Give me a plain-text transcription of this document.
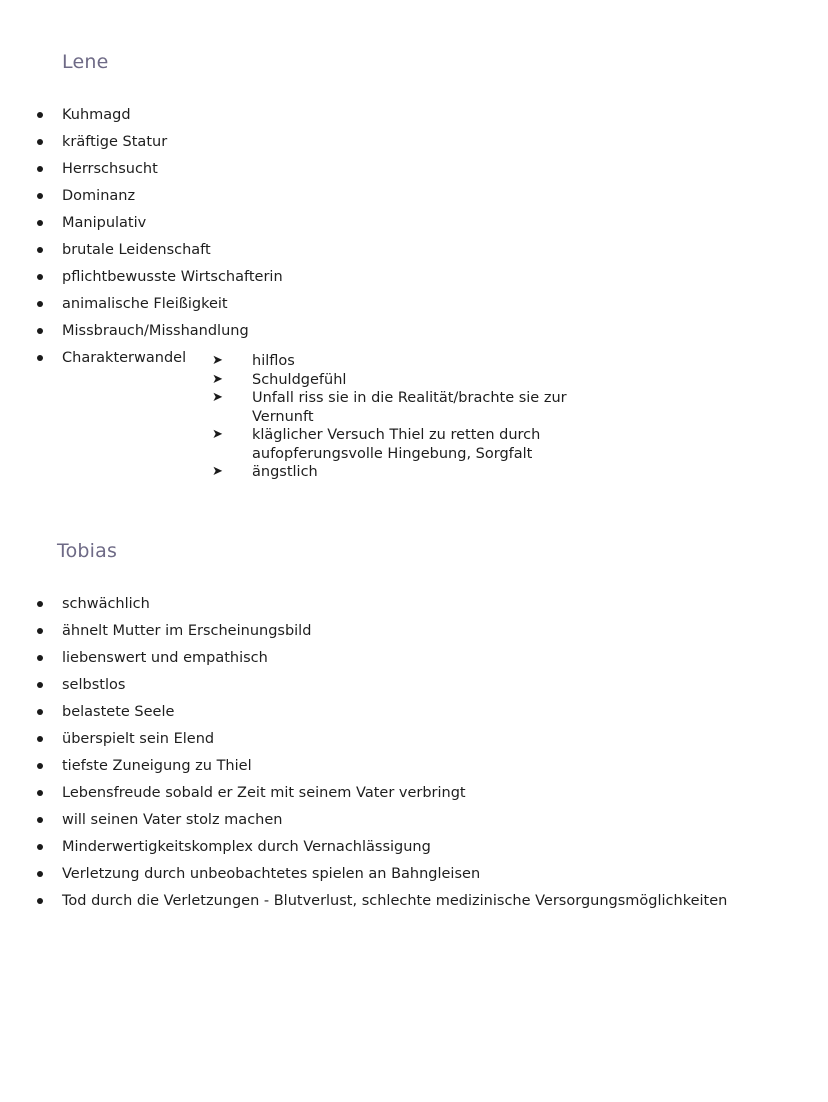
Lene
Kuhmagd
kräftige Statur
Herrschsucht
Dominanz
Manipulativ
brutale Leidenschaft
pflichtbewusste Wirtschafterin
animalische Fleißigkeit
Missbrauch/Misshandlung
Charakterwandel ➤ hilflos
➤ Schuldgefühl
➤ Unfall riss sie in die Realität/brachte sie zur Vernunft
➤ kläglicher Versuch Thiel zu retten durch aufopferungsvolle Hingebung, Sorgfalt
➤ ängstlich
Tobias
schwächlich
ähnelt Mutter im Erscheinungsbild
liebenswert und empathisch
selbstlos
belastete Seele
überspielt sein Elend
tiefste Zuneigung zu Thiel
Lebensfreude sobald er Zeit mit seinem Vater verbringt
will seinen Vater stolz machen
Minderwertigkeitskomplex durch Vernachlässigung
Verletzung durch unbeobachtetes spielen an Bahngleisen
Tod durch die Verletzungen - Blutverlust, schlechte medizinische Versorgungsmöglichkeiten
